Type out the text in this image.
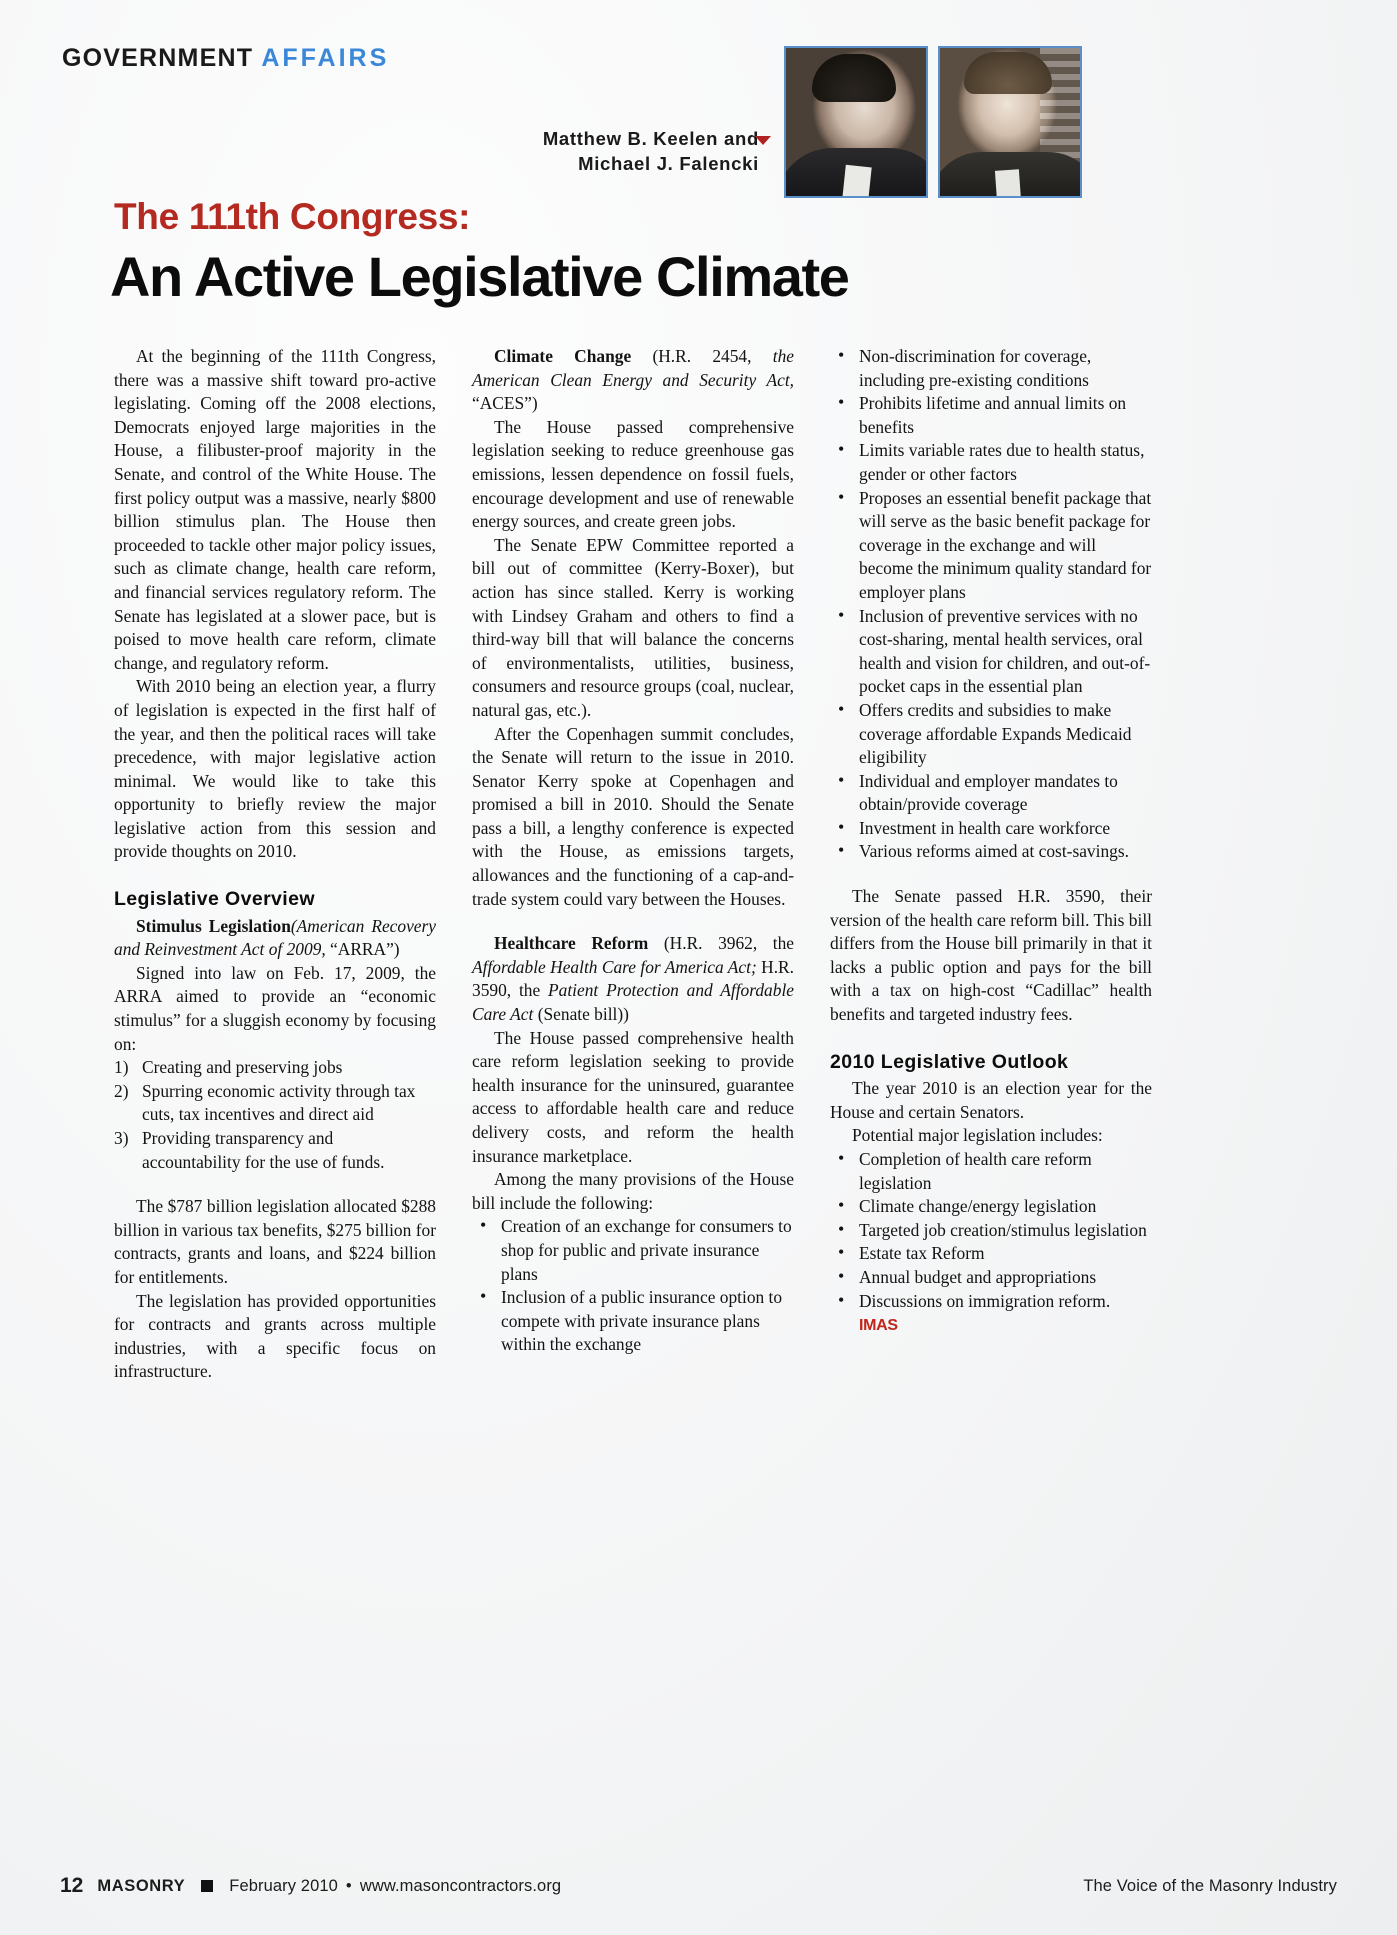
GOVERNMENT AFFAIRS
Matthew B. Keelen and
Michael J. Falencki
The 111th Congress:
An Active Legislative Climate

At the beginning of the 111th Congress, there was a massive shift toward pro-active legislating. Coming off the 2008 elections, Democrats enjoyed large majorities in the House, a filibuster-proof majority in the Senate, and control of the White House. The first policy output was a massive, nearly $800 billion stimulus plan. The House then proceeded to tackle other major policy issues, such as climate change, health care reform, and financial services regulatory reform. The Senate has legislated at a slower pace, but is poised to move health care reform, climate change, and regulatory reform.

With 2010 being an election year, a flurry of legislation is expected in the first half of the year, and then the political races will take precedence, with major legislative action minimal. We would like to take this opportunity to briefly review the major legislative action from this session and provide thoughts on 2010.

Legislative Overview

Stimulus Legislation(American Recovery and Reinvestment Act of 2009, “ARRA”)

Signed into law on Feb. 17, 2009, the ARRA aimed to provide an “economic stimulus” for a sluggish economy by focusing on:

1) Creating and preserving jobs
2) Spurring economic activity through tax cuts, tax incentives and direct aid
3) Providing transparency and accountability for the use of funds.

The $787 billion legislation allocated $288 billion in various tax benefits, $275 billion for contracts, grants and loans, and $224 billion for entitlements.

The legislation has provided opportunities for contracts and grants across multiple industries, with a specific focus on infrastructure.

Climate Change (H.R. 2454, the American Clean Energy and Security Act, “ACES”)

The House passed comprehensive legislation seeking to reduce greenhouse gas emissions, lessen dependence on fossil fuels, encourage development and use of renewable energy sources, and create green jobs.

The Senate EPW Committee reported a bill out of committee (Kerry-Boxer), but action has since stalled. Kerry is working with Lindsey Graham and others to find a third-way bill that will balance the concerns of environmentalists, utilities, business, consumers and resource groups (coal, nuclear, natural gas, etc.).

After the Copenhagen summit concludes, the Senate will return to the issue in 2010. Senator Kerry spoke at Copenhagen and promised a bill in 2010. Should the Senate pass a bill, a lengthy conference is expected with the House, as emissions targets, allowances and the functioning of a cap-and-trade system could vary between the Houses.

Healthcare Reform (H.R. 3962, the Affordable Health Care for America Act; H.R. 3590, the Patient Protection and Affordable Care Act (Senate bill))

The House passed comprehensive health care reform legislation seeking to provide health insurance for the uninsured, guarantee access to affordable health care and reduce delivery costs, and reform the health insurance marketplace.

Among the many provisions of the House bill include the following:

• Creation of an exchange for consumers to shop for public and private insurance plans
• Inclusion of a public insurance option to compete with private insurance plans within the exchange
• Non-discrimination for coverage, including pre-existing conditions
• Prohibits lifetime and annual limits on benefits
• Limits variable rates due to health status, gender or other factors
• Proposes an essential benefit package that will serve as the basic benefit package for coverage in the exchange and will become the minimum quality standard for employer plans
• Inclusion of preventive services with no cost-sharing, mental health services, oral health and vision for children, and out-of-pocket caps in the essential plan
• Offers credits and subsidies to make coverage affordable Expands Medicaid eligibility
• Individual and employer mandates to obtain/provide coverage
• Investment in health care workforce
• Various reforms aimed at cost-savings.

The Senate passed H.R. 3590, their version of the health care reform bill. This bill differs from the House bill primarily in that it lacks a public option and pays for the bill with a tax on high-cost “Cadillac” health benefits and targeted industry fees.

2010 Legislative Outlook

The year 2010 is an election year for the House and certain Senators.

Potential major legislation includes:

• Completion of health care reform legislation
• Climate change/energy legislation
• Targeted job creation/stimulus legislation
• Estate tax Reform
• Annual budget and appropriations
• Discussions on immigration reform. IMAS
12 MASONRY	February 2010 • www.masoncontractors.org	The Voice of the Masonry Industry
